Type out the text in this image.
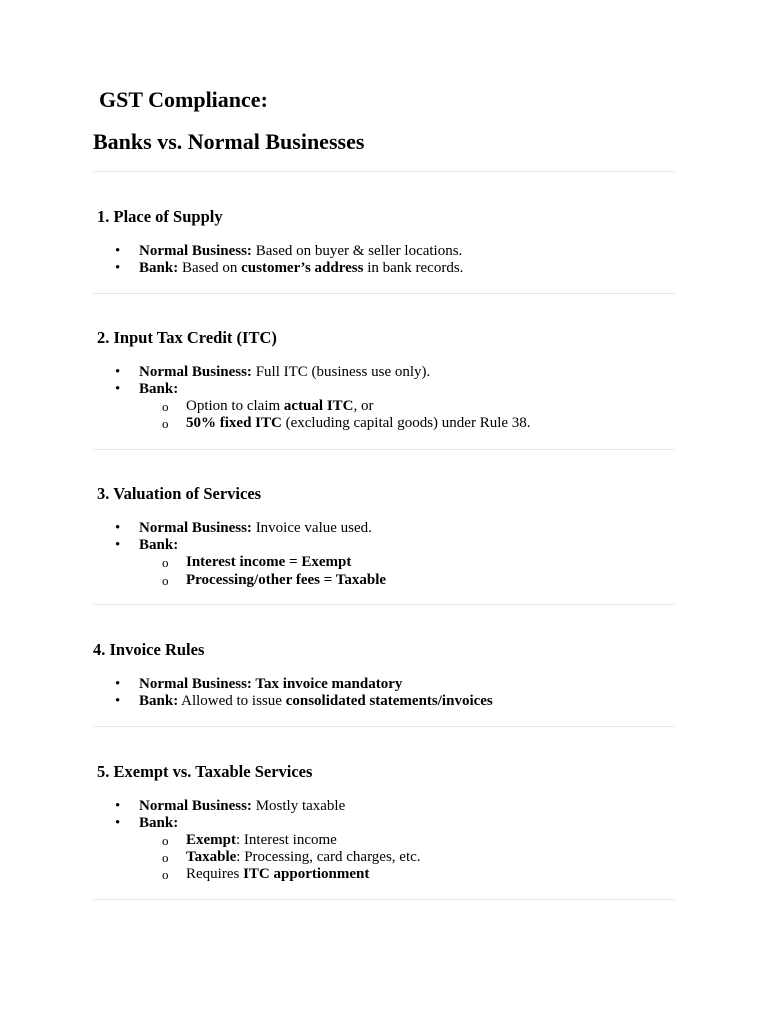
GST Compliance:
Banks vs. Normal Businesses
1. Place of Supply
• Normal Business: Based on buyer & seller locations.
• Bank: Based on customer’s address in bank records.
2. Input Tax Credit (ITC)
• Normal Business: Full ITC (business use only).
• Bank:
o Option to claim actual ITC, or
o 50% fixed ITC (excluding capital goods) under Rule 38.
3. Valuation of Services
• Normal Business: Invoice value used.
• Bank:
o Interest income = Exempt
o Processing/other fees = Taxable
4. Invoice Rules
• Normal Business: Tax invoice mandatory
• Bank: Allowed to issue consolidated statements/invoices
5. Exempt vs. Taxable Services
• Normal Business: Mostly taxable
• Bank:
o Exempt: Interest income
o Taxable: Processing, card charges, etc.
o Requires ITC apportionment
